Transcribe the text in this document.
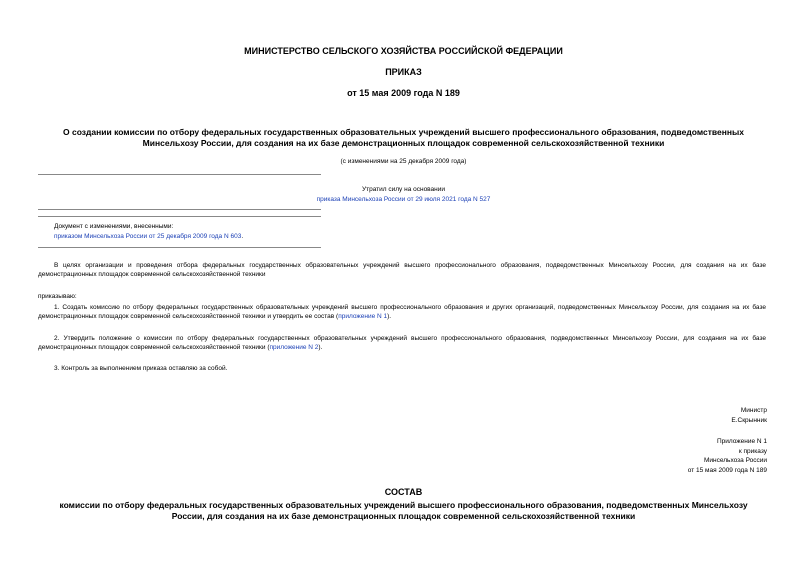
МИНИСТЕРСТВО СЕЛЬСКОГО ХОЗЯЙСТВА РОССИЙСКОЙ ФЕДЕРАЦИИ
ПРИКАЗ
от 15 мая 2009 года N 189
О создании комиссии по отбору федеральных государственных образовательных учреждений высшего профессионального образования, подведомственных
Минсельхозу России, для создания на их базе демонстрационных площадок современной сельскохозяйственной техники
(с изменениями на 25 декабря 2009 года)
Утратил силу на основании
приказа Минсельхоза России от 29 июля 2021 года N 527
Документ с изменениями, внесенными:
приказом Минсельхоза России от 25 декабря 2009 года N 603.
В целях организации и проведения отбора федеральных государственных образовательных учреждений высшего профессионального образования, подведомственных Минсельхозу России, для создания на их базе демонстрационных площадок современной сельскохозяйственной техники
приказываю:
1. Создать комиссию по отбору федеральных государственных образовательных учреждений высшего профессионального образования и других организаций, подведомственных Минсельхозу России, для создания на их базе демонстрационных площадок современной сельскохозяйственной техники и утвердить ее состав (приложение N 1).
2. Утвердить положение о комиссии по отбору федеральных государственных образовательных учреждений высшего профессионального образования, подведомственных Минсельхозу России, для создания на их базе демонстрационных площадок современной сельскохозяйственной техники (приложение N 2).
3. Контроль за выполнением приказа оставляю за собой.
Министр
Е.Скрынник
Приложение N 1
к приказу
Минсельхоза России
от 15 мая 2009 года N 189
СОСТАВ
комиссии по отбору федеральных государственных образовательных учреждений высшего профессионального образования, подведомственных Минсельхозу
России, для создания на их базе демонстрационных площадок современной сельскохозяйственной техники
